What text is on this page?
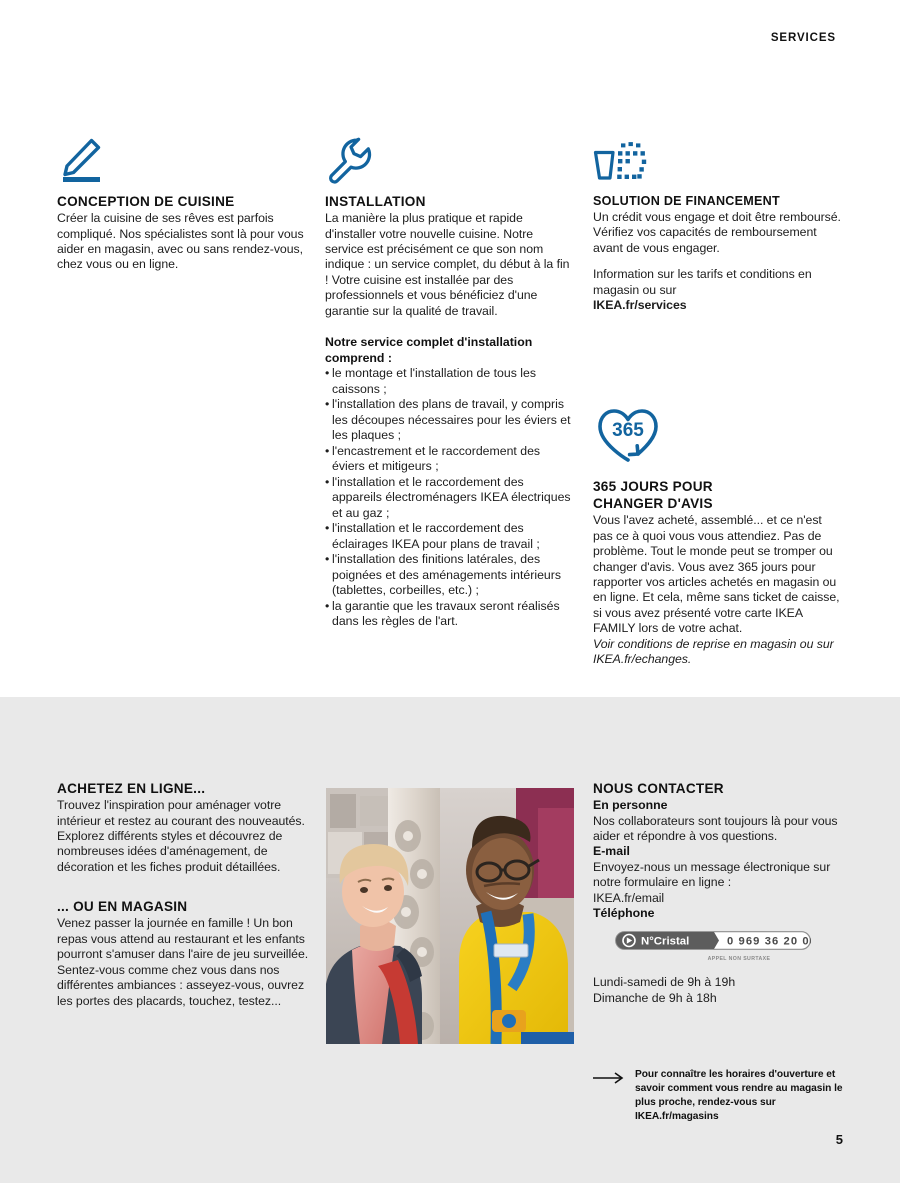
SERVICES
CONCEPTION DE CUISINE

Créer la cuisine de ses rêves est parfois compliqué. Nos spécialistes sont là pour vous aider en magasin, avec ou sans rendez-vous, chez vous ou en ligne.

INSTALLATION

La manière la plus pratique et rapide d'installer votre nouvelle cuisine. Notre service est précisément ce que son nom indique : un service complet, du début à la fin ! Votre cuisine est installée par des professionnels et vous bénéficiez d'une garantie sur la qualité de travail.

Notre service complet d'installation comprend :
• le montage et l'installation de tous les caissons ;
• l'installation des plans de travail, y compris les découpes nécessaires pour les éviers et les plaques ;
• l'encastrement et le raccordement des éviers et mitigeurs ;
• l'installation et le raccordement des appareils électroménagers IKEA électriques et au gaz ;
• l'installation et le raccordement des éclairages IKEA pour plans de travail ;
• l'installation des finitions latérales, des poignées et des aménagements intérieurs (tablettes, corbeilles, etc.) ;
• la garantie que les travaux seront réalisés dans les règles de l'art.
SOLUTION DE FINANCEMENT

Un crédit vous engage et doit être remboursé. Vérifiez vos capacités de remboursement avant de vous engager.

Information sur les tarifs et conditions en magasin ou sur

IKEA.fr/services

365
365 JOURS POUR
CHANGER D'AVIS

Vous l'avez acheté, assemblé... et ce n'est pas ce à quoi vous vous attendiez. Pas de problème. Tout le monde peut se tromper ou changer d'avis. Vous avez 365 jours pour rapporter vos articles achetés en magasin ou en ligne. Et cela, même sans ticket de caisse, si vous avez présenté votre carte IKEA FAMILY lors de votre achat.

Voir conditions de reprise en magasin ou sur IKEA.fr/echanges.

ACHETEZ EN LIGNE...

Trouvez l'inspiration pour aménager votre intérieur et restez au courant des nouveautés. Explorez différents styles et découvrez de nombreuses idées d'aménagement, de décoration et les fiches produit détaillées.

... OU EN MAGASIN

Venez passer la journée en famille ! Un bon repas vous attend au restaurant et les enfants pourront s'amuser dans l'aire de jeu surveillée. Sentez-vous comme chez vous dans nos différentes ambiances : asseyez-vous, ouvrez les portes des placards, touchez, testez...

NOUS CONTACTER
En personne

Nos collaborateurs sont toujours là pour vous aider et répondre à vos questions.

E-mail

Envoyez-nous un message électronique sur notre formulaire en ligne :

IKEA.fr/email

Téléphone
N°Cristal	0 969 36 20 06
APPEL NON SURTAXE
Lundi-samedi de 9h à 19h
Dimanche de 9h à 18h

Pour connaître les horaires d'ouverture et savoir comment vous rendre au magasin le plus proche, rendez-vous sur IKEA.fr/magasins

5
